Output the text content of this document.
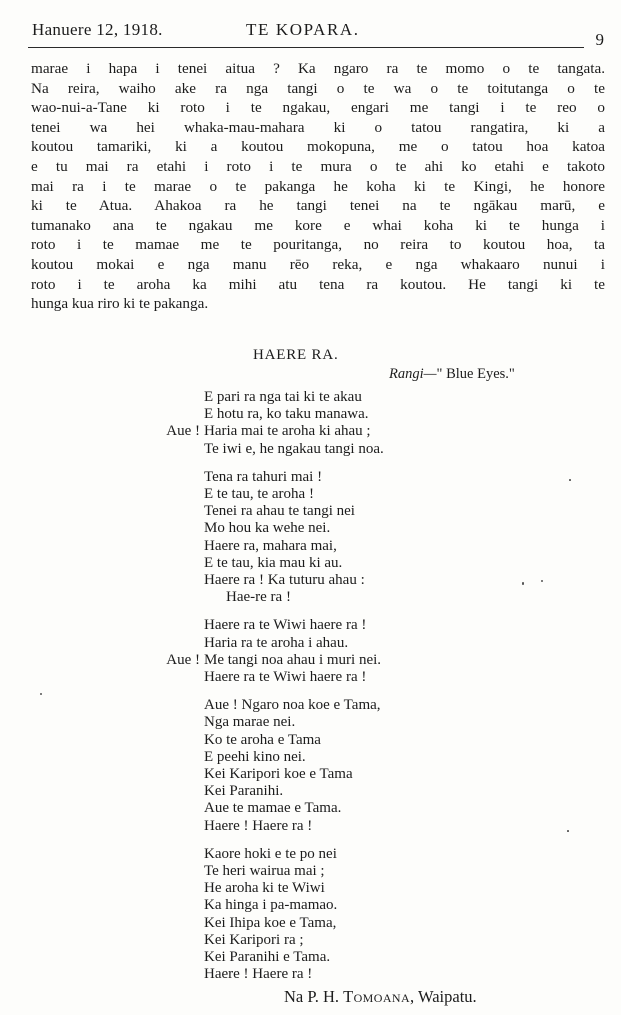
Hanuere 12, 1918.	TE KOPARA.
9

marae i hapa i tenei aitua ? Ka ngaro ra te momo o te tangata.
Na reira, waiho ake ra nga tangi o te wa o te toitutanga o te
wao-nui-a-Tane ki roto i te ngakau, engari me tangi i te reo o
tenei wa hei whaka-mau-mahara ki o tatou rangatira, ki a
koutou tamariki, ki a koutou mokopuna, me o tatou hoa katoa
e tu mai ra etahi i roto i te mura o te ahi ko etahi e takoto
mai ra i te marae o te pakanga he koha ki te Kingi, he honore
ki te Atua. Ahakoa ra he tangi tenei na te ngākau marū, e
tumanako ana te ngakau me kore e whai koha ki te hunga i
roto i te mamae me te pouritanga, no reira to koutou hoa, ta
koutou mokai e nga manu rēo reka, e nga whakaaro nunui i
roto i te aroha ka mihi atu tena ra koutou. He tangi ki te
hunga kua riro ki te pakanga.

HAERE RA.
Rangi—" Blue Eyes."
E pari ra nga tai ki te akau
E hotu ra, ko taku manawa.
Aue ! Haria mai te aroha ki ahau ;
Te iwi e, he ngakau tangi noa.
Tena ra tahuri mai !
E te tau, te aroha !
Tenei ra ahau te tangi nei
Mo hou ka wehe nei.
Haere ra, mahara mai,
E te tau, kia mau ki au.
Haere ra ! Ka tuturu ahau :
Hae-re ra !
Haere ra te Wiwi haere ra !
Haria ra te aroha i ahau.
Aue ! Me tangi noa ahau i muri nei.
Haere ra te Wiwi haere ra !
Aue ! Ngaro noa koe e Tama,
Nga marae nei.
Ko te aroha e Tama
E peehi kino nei.
Kei Karipori koe e Tama
Kei Paranihi.
Aue te mamae e Tama.
Haere ! Haere ra !
Kaore hoki e te po nei
Te heri wairua mai ;
He aroha ki te Wiwi
Ka hinga i pa-mamao.
Kei Ihipa koe e Tama,
Kei Karipori ra ;
Kei Paranihi e Tama.
Haere ! Haere ra !
Na P. H. Tomoana, Waipatu.
